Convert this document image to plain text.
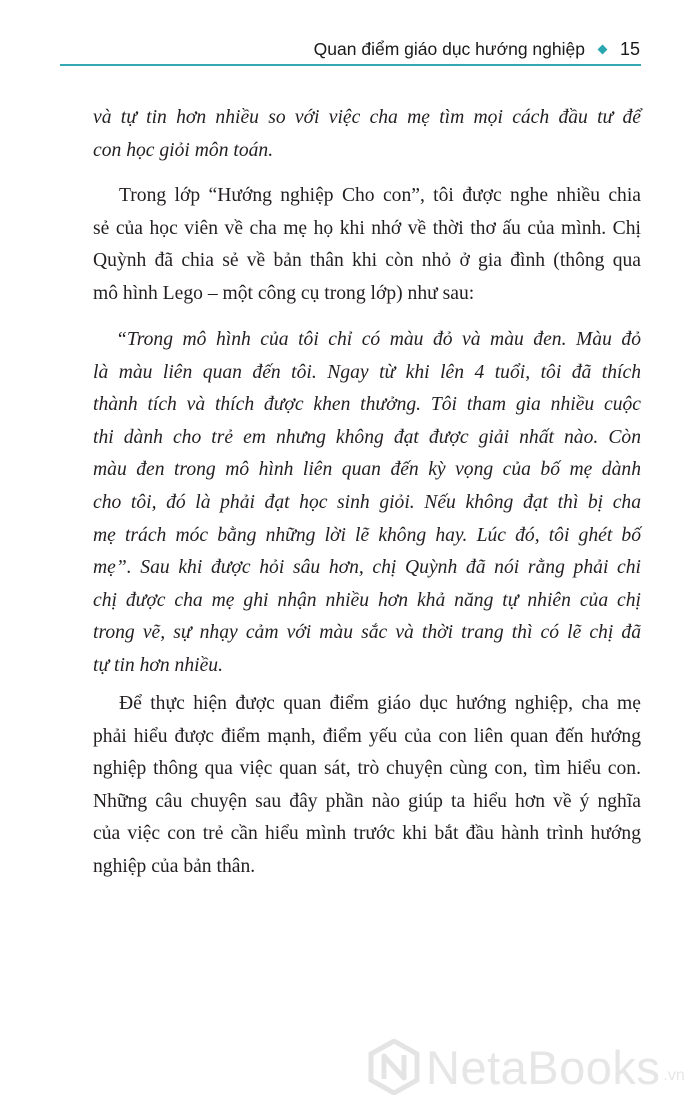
Quan điểm giáo dục hướng nghiệp 15
và tự tin hơn nhiều so với việc cha mẹ tìm mọi cách đầu tư để
con học giỏi môn toán.
Trong lớp “Hướng nghiệp Cho con”, tôi được nghe nhiều chia
sẻ của học viên về cha mẹ họ khi nhớ về thời thơ ấu của mình. Chị
Quỳnh đã chia sẻ về bản thân khi còn nhỏ ở gia đình (thông qua
mô hình Lego – một công cụ trong lớp) như sau:
“Trong mô hình của tôi chỉ có màu đỏ và màu đen. Màu đỏ
là màu liên quan đến tôi. Ngay từ khi lên 4 tuổi, tôi đã thích
thành tích và thích được khen thưởng. Tôi tham gia nhiều cuộc
thi dành cho trẻ em nhưng không đạt được giải nhất nào. Còn
màu đen trong mô hình liên quan đến kỳ vọng của bố mẹ dành
cho tôi, đó là phải đạt học sinh giỏi. Nếu không đạt thì bị cha
mẹ trách móc bằng những lời lẽ không hay. Lúc đó, tôi ghét bố
mẹ”. Sau khi được hỏi sâu hơn, chị Quỳnh đã nói rằng phải chi
chị được cha mẹ ghi nhận nhiều hơn khả năng tự nhiên của chị
trong vẽ, sự nhạy cảm với màu sắc và thời trang thì có lẽ chị đã
tự tin hơn nhiều.
Để thực hiện được quan điểm giáo dục hướng nghiệp, cha mẹ
phải hiểu được điểm mạnh, điểm yếu của con liên quan đến hướng
nghiệp thông qua việc quan sát, trò chuyện cùng con, tìm hiểu con.
Những câu chuyện sau đây phần nào giúp ta hiểu hơn về ý nghĩa
của việc con trẻ cần hiểu mình trước khi bắt đầu hành trình hướng
nghiệp của bản thân.
NetaBooks .vn
